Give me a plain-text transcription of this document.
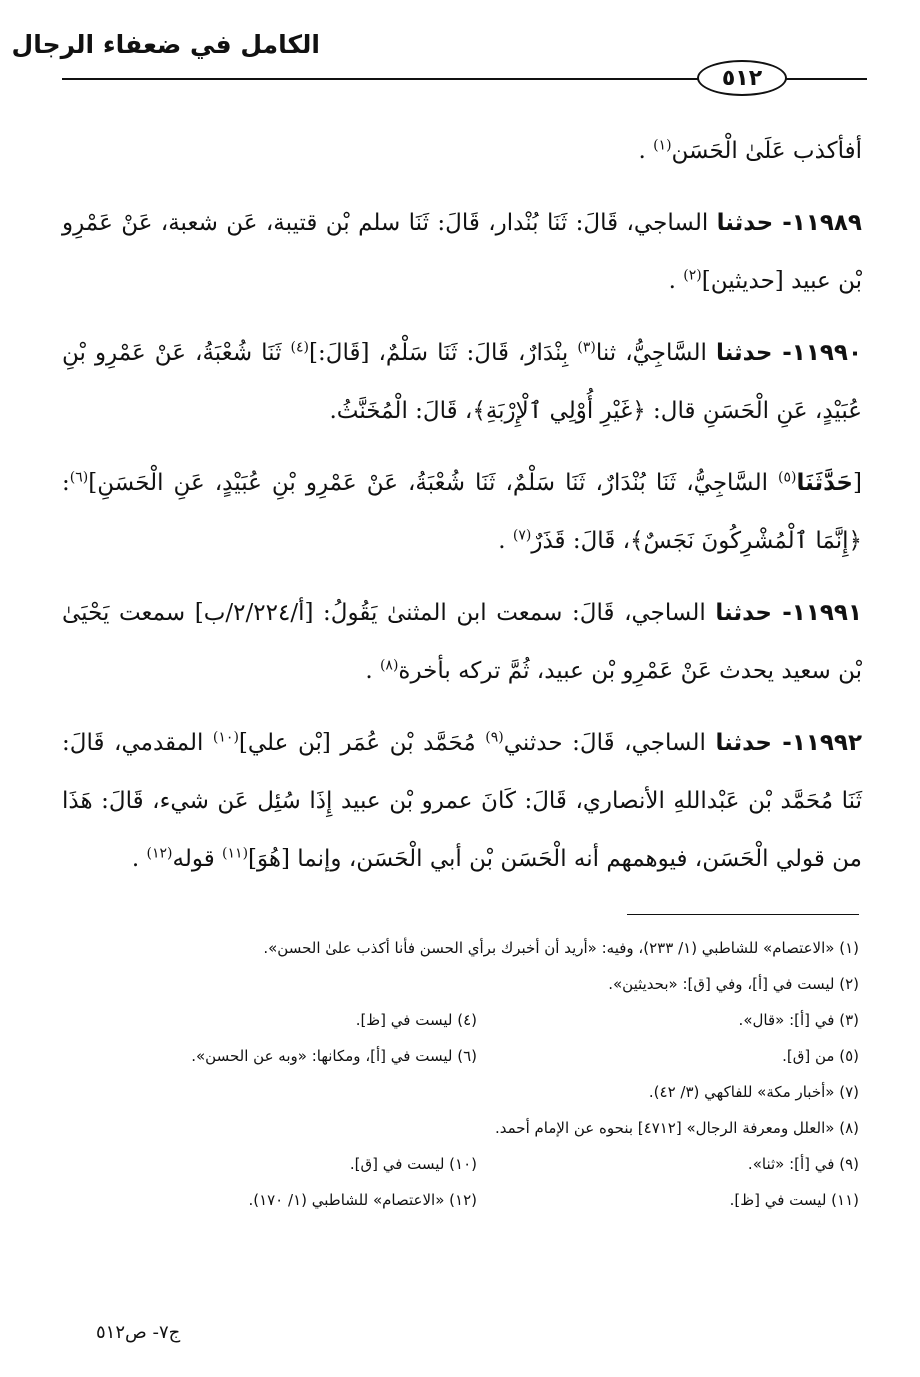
الكامل في ضعفاء الرجال
٥١٢

أفأكذب عَلَىٰ الْحَسَن$^{(١)}$ .

١١٩٨٩- حدثنا الساجي، قَالَ: ثَنَا بُنْدار، قَالَ: ثَنَا سلم بْن قتيبة، عَن شعبة، عَنْ عَمْرِو بْن عبيد [حديثين]$^{(٢)}$ .

١١٩٩٠- حدثنا السَّاجِيُّ، ثنا$^{(٣)}$ بِنْدَارٌ، قَالَ: ثَنَا سَلْمٌ، [قَالَ:]$^{(٤)}$ ثَنَا شُعْبَةُ، عَنْ عَمْرِو بْنِ عُبَيْدٍ، عَنِ الْحَسَنِ قال: ﴿غَيْرِ أُوْلِي ٱلْإِرْبَةِ﴾، قَالَ: الْمُخَنَّثُ.

[حَدَّثَنَا$^{(٥)}$ السَّاجِيُّ، ثَنَا بُنْدَارٌ، ثَنَا سَلْمٌ، ثَنَا شُعْبَةُ، عَنْ عَمْرِو بْنِ عُبَيْدٍ، عَنِ الْحَسَنِ]$^{(٦)}$: ﴿إِنَّمَا ٱلْمُشْرِكُونَ نَجَسٌ﴾، قَالَ: قَذَرٌ$^{(٧)}$ .

١١٩٩١- حدثنا الساجي، قَالَ: سمعت ابن المثنىٰ يَقُولُ: [أ/٢/٢٢٤/ب] سمعت يَحْيَىٰ بْن سعيد يحدث عَنْ عَمْرِو بْن عبيد، ثُمَّ تركه بأخرة$^{(٨)}$ .

١١٩٩٢- حدثنا الساجي، قَالَ: حدثني$^{(٩)}$ مُحَمَّد بْن عُمَر [بْن علي]$^{(١٠)}$ المقدمي، قَالَ: ثَنَا مُحَمَّد بْن عَبْداللهِ الأنصاري، قَالَ: كَانَ عمرو بْن عبيد إِذَا سُئِل عَن شيء، قَالَ: هَذَا من قولي الْحَسَن، فيوهمهم أنه الْحَسَن بْن أبي الْحَسَن، وإنما [هُوَ]$^{(١١)}$ قوله$^{(١٢)}$ .

(١) «الاعتصام» للشاطبي (١/ ٢٣٣)، وفيه: «أريد أن أخبرك برأي الحسن فأنا أكذب علىٰ الحسن».
(٢) ليست في [أ]، وفي [ق]: «بحديثين».
(٣) في [أ]: «قال».
(٤) ليست في [ظ].
(٥) من [ق].
(٦) ليست في [أ]، ومكانها: «وبه عن الحسن».
(٧) «أخبار مكة» للفاكهي (٣/ ٤٢).
(٨) «العلل ومعرفة الرجال» [٤٧١٢] بنحوه عن الإمام أحمد.
(٩) في [أ]: «ثنا».
(١٠) ليست في [ق].
(١١) ليست في [ظ].
(١٢) «الاعتصام» للشاطبي (١/ ١٧٠).
ج٧- ص٥١٢
